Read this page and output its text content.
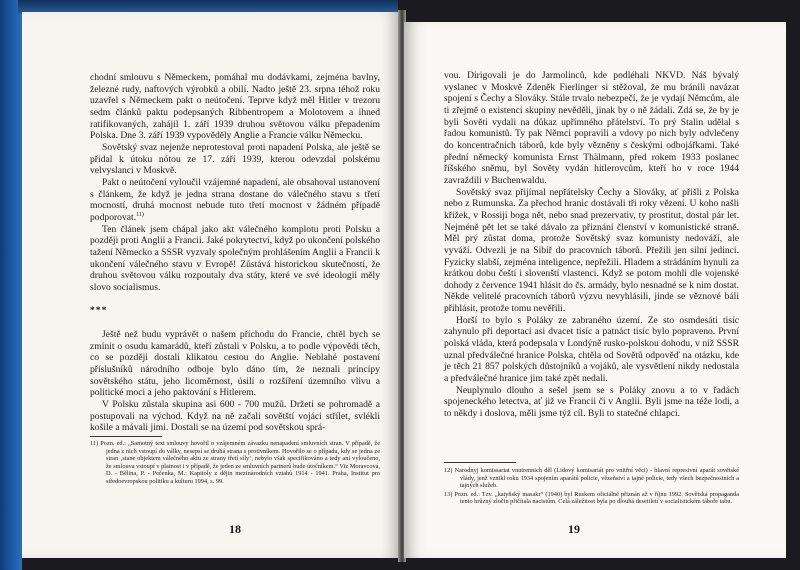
chodní smlouvu s Německem, pomáhal mu dodávkami, zejména bavlny, železné rudy, naftových výrobků a obilí. Nadto ještě 23. srpna téhož roku uzavřel s Německem pakt o neútočení. Teprve když měl Hitler v trezoru sedm článků paktu podepsaných Ribbentropem a Molotovem a ihned ratifikovaných, zahájil 1. září 1939 druhou světovou válku přepadením Polska. Dne 3. září 1939 vypověděly Anglie a Francie válku Německu.

Sovětský svaz nejenže neprotestoval proti napadení Polska, ale ještě se přidal k útoku nótou ze 17. září 1939, kterou odevzdal polskému velvyslanci v Moskvě.

Pakt o neútočení vyloučil vzájemné napadení, ale obsahoval ustanovení s článkem, že když je jedna strana dostane do válečného stavu s třetí mocností, druhá mocnost nebude tuto třetí mocnost v žádném případě podporovat.$^{11)}$

Ten článek jsem chápal jako akt válečného komplotu proti Polsku a později proti Anglii a Francii. Jaké pokrytectví, když po ukončení polského tažení Německo a SSSR vyzvaly společným prohlášením Anglii a Francii k ukončení válečného stavu v Evropě! Zůstává historickou skutečností, že druhou světovou válku rozpoutaly dva státy, které ve své ideologii měly slovo socialismus.

***

Ještě než budu vyprávět o našem příchodu do Francie, chtěl bych se zmínit o osudu kamarádů, kteří zůstali v Polsku, a to podle výpovědi těch, co se později dostali klikatou cestou do Anglie. Neblahé postavení příslušníků národního odboje bylo dáno tím, že neznali principy sovětského státu, jeho licoměrnost, úsilí o rozšíření územního vlivu a politické moci a jeho paktování s Hitlerem.

V Polsku zůstala skupina asi 600 - 700 mužů. Držeti se pohromadě a postupovali na východ. Když na ně začali sovětští vojáci střílet, svlékli košile a mávali jimi. Dostali se na území pod sovětskou sprá-

11) Pozn. ed.: „Samotný text smlouvy hovořil o vzájemném závazku nenapadení smluvních stran. V případě, že jedna z nich vstoupí do války, nesepsí se druhá strana s protivníkem. Hovořilo se o případu, kdy se jedna ze stran ‚stane objektem válečného aktu ze strany třetí síly‘, nebylo však specifikováno a tedy ani vyloučeno, že smlouva vstoupí v platnost i v případě, že jeden ze smluvních partnerů bude útočníkem.“ Viz Moravcová, D. - Bělina, P. - Pečenka, M.: Kapitoly z dějin mezinárodních vztahů 1914 - 1941. Praha, Institut pro středoevropskou politiku a kulturu 1994, s. 99.

18

vou. Dirigovali je do Jarmolinců, kde podléhali NKVD. Náš bývalý vyslanec v Moskvě Zdeněk Fierlinger si stěžoval, že mu bránili navázat spojení s Čechy a Slováky. Stále trvalo nebezpečí, že je vydají Němcům, ale ti zřejmě o existenci skupiny nevěděli, jinak by o ně žádali. Zdá se, že by je byli Sověti vydali na důkaz upřímného přátelství. To prý Stalin udělal s řadou komunistů. Ty pak Němci popravili a vdovy po nich byly odvlečeny do koncentračních táborů, kde byly vězněny s českými odbojářkami. Také přední německý komunista Ernst Thälmann, před rokem 1933 poslanec říšského sněmu, byl Sověty vydán hitlerovcům, kteří ho v roce 1944 zavraždili v Buchenwaldu.

Sovětský svaz přijímal nepřátelsky Čechy a Slováky, ať přišli z Polska nebo z Rumunska. Za přechod hranic dostávali tři roky vězení. U koho našli křížek, v Rossiji boga nět, nebo snad prezervativ, ty prostitut, dostal pár let. Nejméně pět let se také dávalo za přiznání členství v komunistické straně. Měl prý zůstat doma, protože Sovětský svaz komunisty nedováží, ale vyváží. Odvezli je na Sibiř do pracovních táborů. Přežili jen silní jedinci. Fyzicky slabší, zejména inteligence, nepřežili. Hladem a strádáním hynuli za krátkou dobu čeští i slovenští vlastenci. Když se potom mohli dle vojenské dohody z července 1941 hlásit do čs. armády, bylo nesnadné se k nim dostat. Někde velitelé pracovních táborů výzvu nevyhlásili, jinde se věznové báli přihlásit, protože tomu nevěřili.

Horší to bylo s Poláky ze zabraného území. Ze sto osmdesáti tisíc zahynulo při deportaci asi dvacet tisíc a patnáct tisíc bylo popraveno. První polská vláda, která podepsala v Londýně rusko-polskou dohodu, v níž SSSR uznal předválečné hranice Polska, chtěla od Sovětů odpověď na otázku, kde je těch 21 857 polských důstojníků a vojáků, ale vysvětlení nikdy nedostala a předválečné hranice jim také zpět nedali.

Neuplynulo dlouho a sešel jsem se s Poláky znovu a to v řadách spojeneckého letectva, ať již ve Francii či v Anglii. Byli jsme na téže lodi, a to někdy i doslova, měli jsme týž cíl. Byli to statečné chlapci.

12) Narodnyj komissariat vnutrennich děl (Lidový komisariát pro vnitřní věci) - hlavní represivní aparát sovětské vlády, jenž vznikl roku 1934 spojením aparátů policie, vězeňství a tajné policie, tedy všech bezpečnostních a tajných služeb.

13) Pozn. ed.: Tzv. „katyňský masakr“ (1940) byl Ruskem oficiálně přiznán až v říjnu 1992. Sovětská propaganda tento hrůzný zločin přičítala nacistům. Celá záležitost byla po dlouhá desetiletí v socialistickém táboře tabu.

19
